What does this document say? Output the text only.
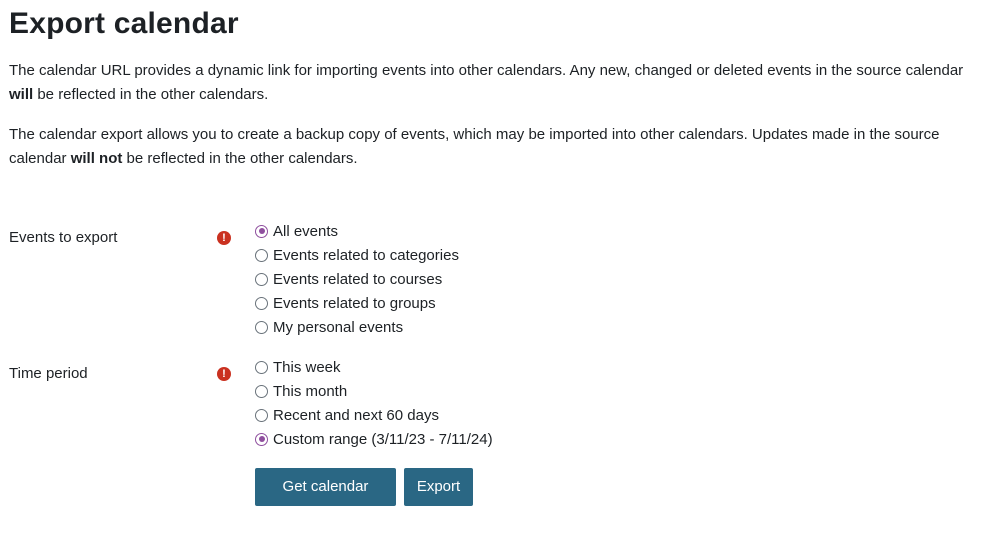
Export calendar

The calendar URL provides a dynamic link for importing events into other calendars. Any new, changed or deleted events in the source calendar will be reflected in the other calendars.

The calendar export allows you to create a backup copy of events, which may be imported into other calendars. Updates made in the source calendar will not be reflected in the other calendars.

Events to export	!	All events
Events related to categories
Events related to courses
Events related to groups
My personal events
Time period	!	This week
This month
Recent and next 60 days
Custom range (3/11/23 - 7/11/24)
Get calendar URL
Export
